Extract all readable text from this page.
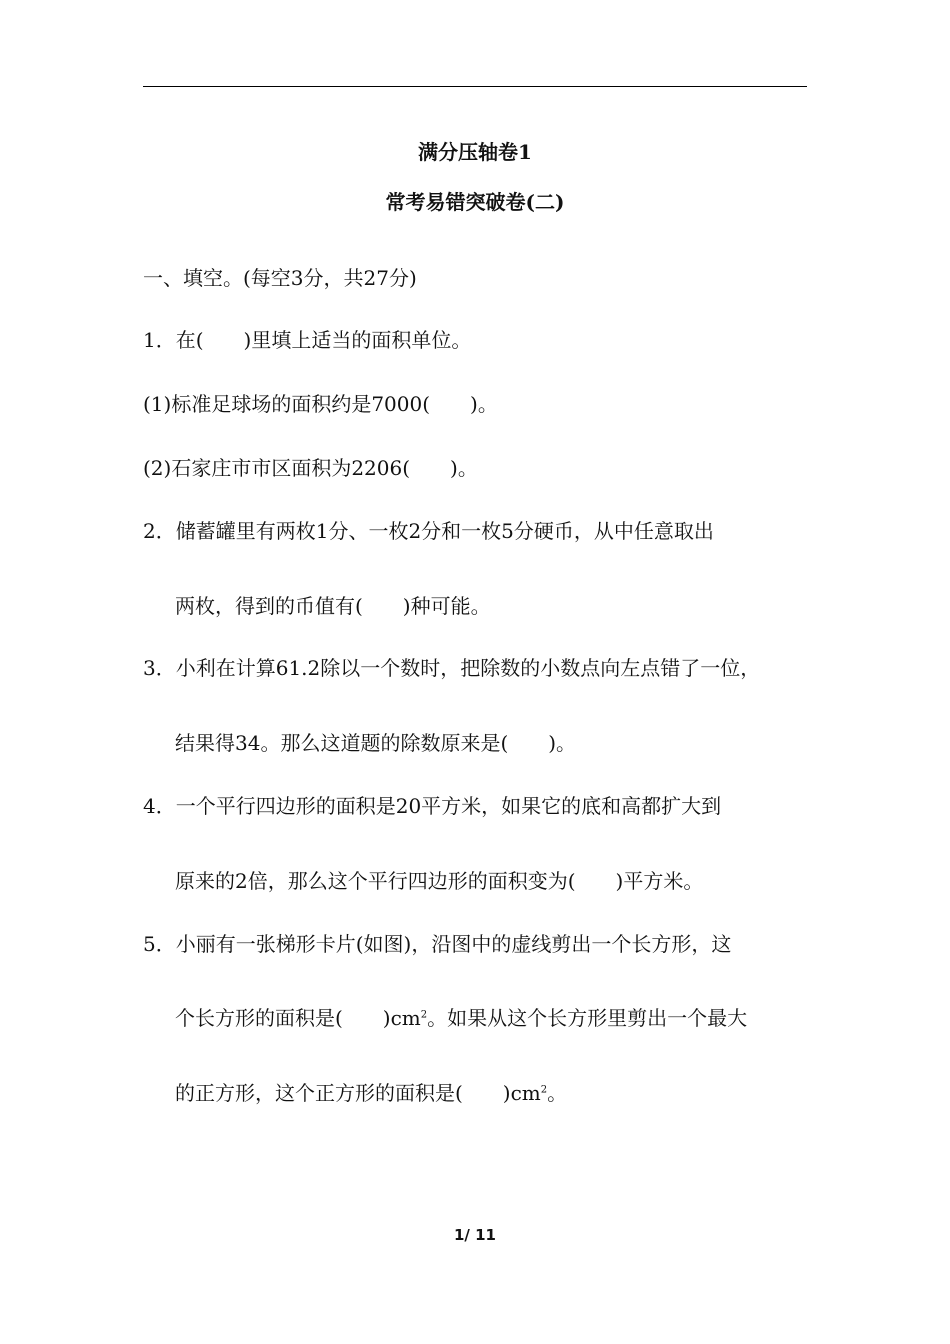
满分压轴卷1
常考易错突破卷(二)
一、填空。(每空3分，共27分)
1．在(　　)里填上适当的面积单位。
(1)标准足球场的面积约是7000(　　)。
(2)石家庄市市区面积为2206(　　)。
2．储蓄罐里有两枚1分、一枚2分和一枚5分硬币，从中任意取出
两枚，得到的币值有(　　)种可能。
3．小利在计算61.2除以一个数时，把除数的小数点向左点错了一位，
结果得34。那么这道题的除数原来是(　　)。
4．一个平行四边形的面积是20平方米，如果它的底和高都扩大到
原来的2倍，那么这个平行四边形的面积变为(　　)平方米。
5．小丽有一张梯形卡片(如图)，沿图中的虚线剪出一个长方形，这
个长方形的面积是(　　)$cm^2$。如果从这个长方形里剪出一个最大
的正方形，这个正方形的面积是(　　)$cm^2$。
1/ 11
